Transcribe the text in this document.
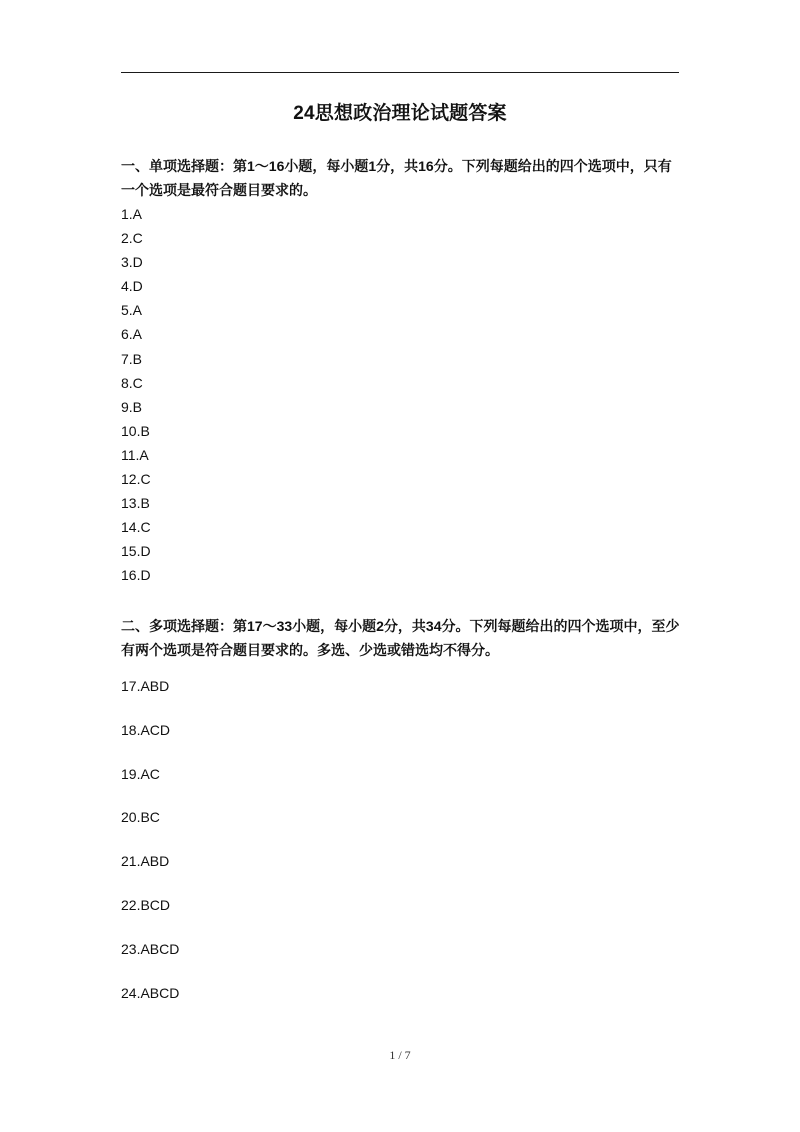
24思想政治理论试题答案
一、单项选择题：第1～16小题，每小题1分，共16分。下列每题给出的四个选项中，只有一个选项是最符合题目要求的。
1.A
2.C
3.D
4.D
5.A
6.A
7.B
8.C
9.B
10.B
11.A
12.C
13.B
14.C
15.D
16.D
二、多项选择题：第17～33小题，每小题2分，共34分。下列每题给出的四个选项中，至少有两个选项是符合题目要求的。多选、少选或错选均不得分。
17.ABD
18.ACD
19.AC
20.BC
21.ABD
22.BCD
23.ABCD
24.ABCD
1 / 7
